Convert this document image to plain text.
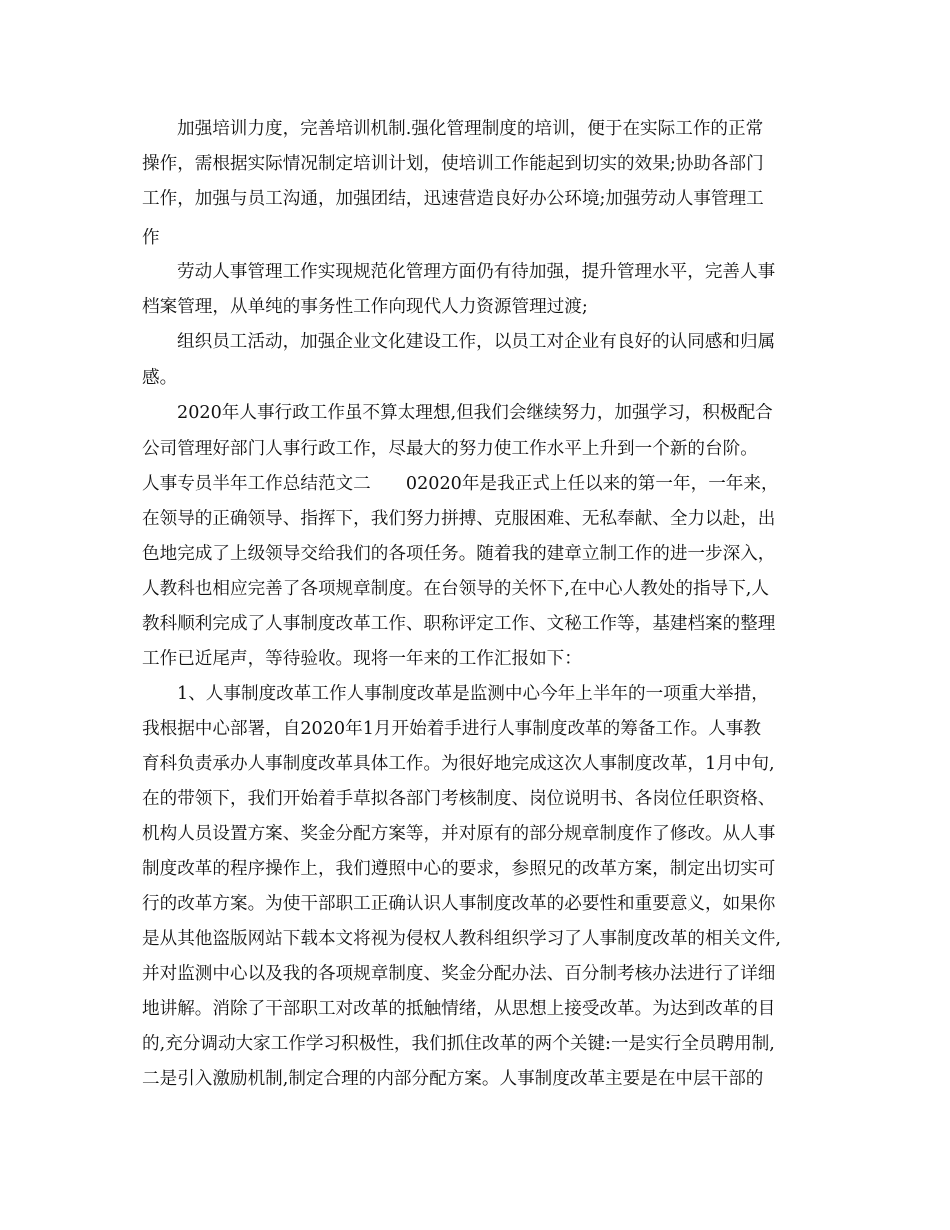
加强培训力度，完善培训机制.强化管理制度的培训，便于在实际工作的正常
操作，需根据实际情况制定培训计划，使培训工作能起到切实的效果;协助各部门
工作，加强与员工沟通，加强团结，迅速营造良好办公环境;加强劳动人事管理工
作
劳动人事管理工作实现规范化管理方面仍有待加强，提升管理水平，完善人事
档案管理，从单纯的事务性工作向现代人力资源管理过渡;
组织员工活动，加强企业文化建设工作，以员工对企业有良好的认同感和归属
感。
2020年人事行政工作虽不算太理想,但我们会继续努力，加强学习，积极配合
公司管理好部门人事行政工作，尽最大的努力使工作水平上升到一个新的台阶。
人事专员半年工作总结范文二　　02020年是我正式上任以来的第一年，一年来，
在领导的正确领导、指挥下，我们努力拼搏、克服困难、无私奉献、全力以赴，出
色地完成了上级领导交给我们的各项任务。随着我的建章立制工作的进一步深入，
人教科也相应完善了各项规章制度。在台领导的关怀下,在中心人教处的指导下,人
教科顺利完成了人事制度改革工作、职称评定工作、文秘工作等，基建档案的整理
工作已近尾声，等待验收。现将一年来的工作汇报如下：
1、人事制度改革工作人事制度改革是监测中心今年上半年的一项重大举措，
我根据中心部署，自2020年1月开始着手进行人事制度改革的筹备工作。人事教
育科负责承办人事制度改革具体工作。为很好地完成这次人事制度改革，1月中旬,
在的带领下，我们开始着手草拟各部门考核制度、岗位说明书、各岗位任职资格、
机构人员设置方案、奖金分配方案等，并对原有的部分规章制度作了修改。从人事
制度改革的程序操作上，我们遵照中心的要求，参照兄的改革方案，制定出切实可
行的改革方案。为使干部职工正确认识人事制度改革的必要性和重要意义，如果你
是从其他盗版网站下载本文将视为侵权人教科组织学习了人事制度改革的相关文件,
并对监测中心以及我的各项规章制度、奖金分配办法、百分制考核办法进行了详细
地讲解。消除了干部职工对改革的抵触情绪，从思想上接受改革。为达到改革的目
的,充分调动大家工作学习积极性，我们抓住改革的两个关键:一是实行全员聘用制,
二是引入激励机制,制定合理的内部分配方案。人事制度改革主要是在中层干部的
